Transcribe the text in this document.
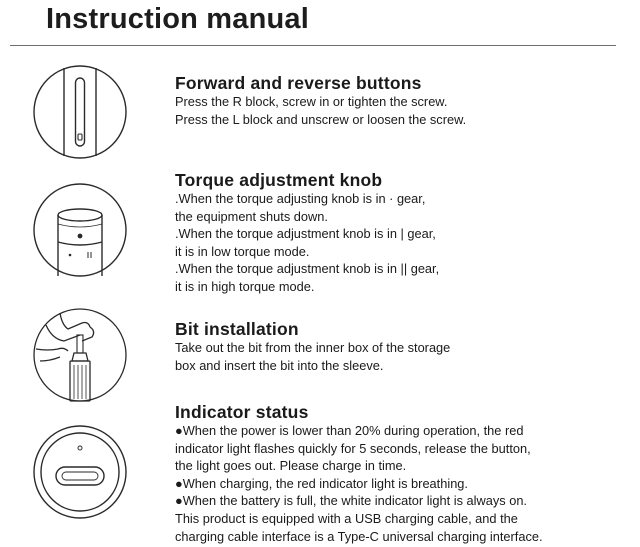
Instruction manual
Forward and reverse buttons
Press the R block, screw in or tighten the screw.
Press the L block and unscrew or loosen the screw.
Torque adjustment knob
.When the torque adjusting knob is in · gear,
the equipment shuts down.
.When the torque adjustment knob is in | gear,
it is in low torque mode.
.When the torque adjustment knob is in || gear,
it is in high torque mode.
Bit installation
Take out the bit from the inner box of the storage
box and insert the bit into the sleeve.
Indicator status
●When the power is lower than 20% during operation, the red
indicator light flashes quickly for 5 seconds, release the button,
the light goes out. Please charge in time.
●When charging, the red indicator light is breathing.
●When the battery is full, the white indicator light is always on.
This product is equipped with a USB charging cable, and the
charging cable interface is a Type-C universal charging interface.
